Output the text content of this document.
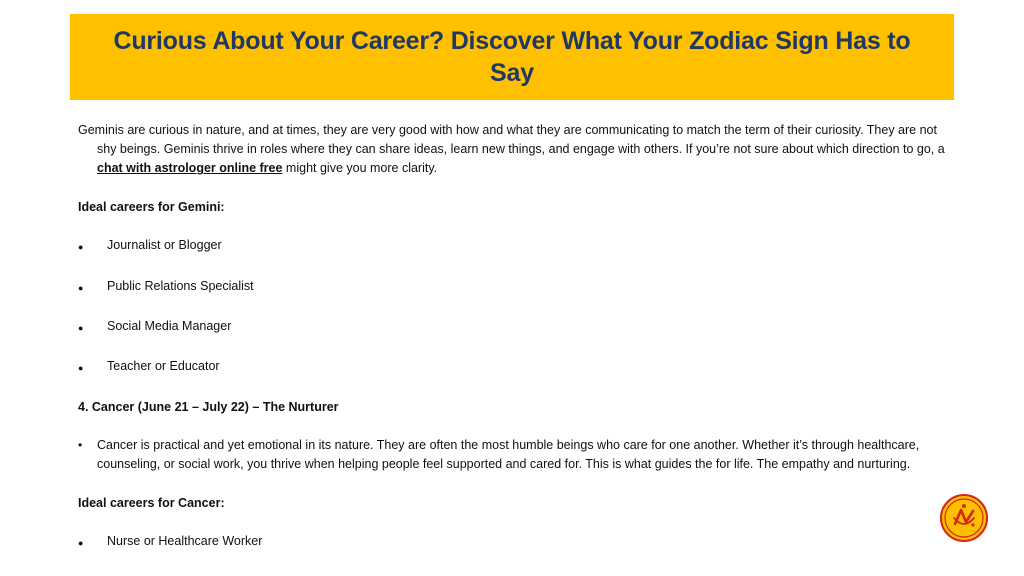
Curious About Your Career? Discover What Your Zodiac Sign Has to Say

Geminis are curious in nature, and at times, they are very good with how and what they are communicating to match the term of their curiosity. They are not shy beings. Geminis thrive in roles where they can share ideas, learn new things, and engage with others. If you’re not sure about which direction to go, a chat with astrologer online free might give you more clarity.

Ideal careers for Gemini:

●	Journalist or Blogger
●	Public Relations Specialist
●	Social Media Manager
●	Teacher or Educator

4. Cancer (June 21 – July 22) – The Nurturer

•	Cancer is practical and yet emotional in its nature. They are often the most humble beings who care for one another. Whether it’s through healthcare, counseling, or social work, you thrive when helping people feel supported and cared for. This is what guides the for life. The empathy and nurturing.

Ideal careers for Cancer:

●	Nurse or Healthcare Worker
